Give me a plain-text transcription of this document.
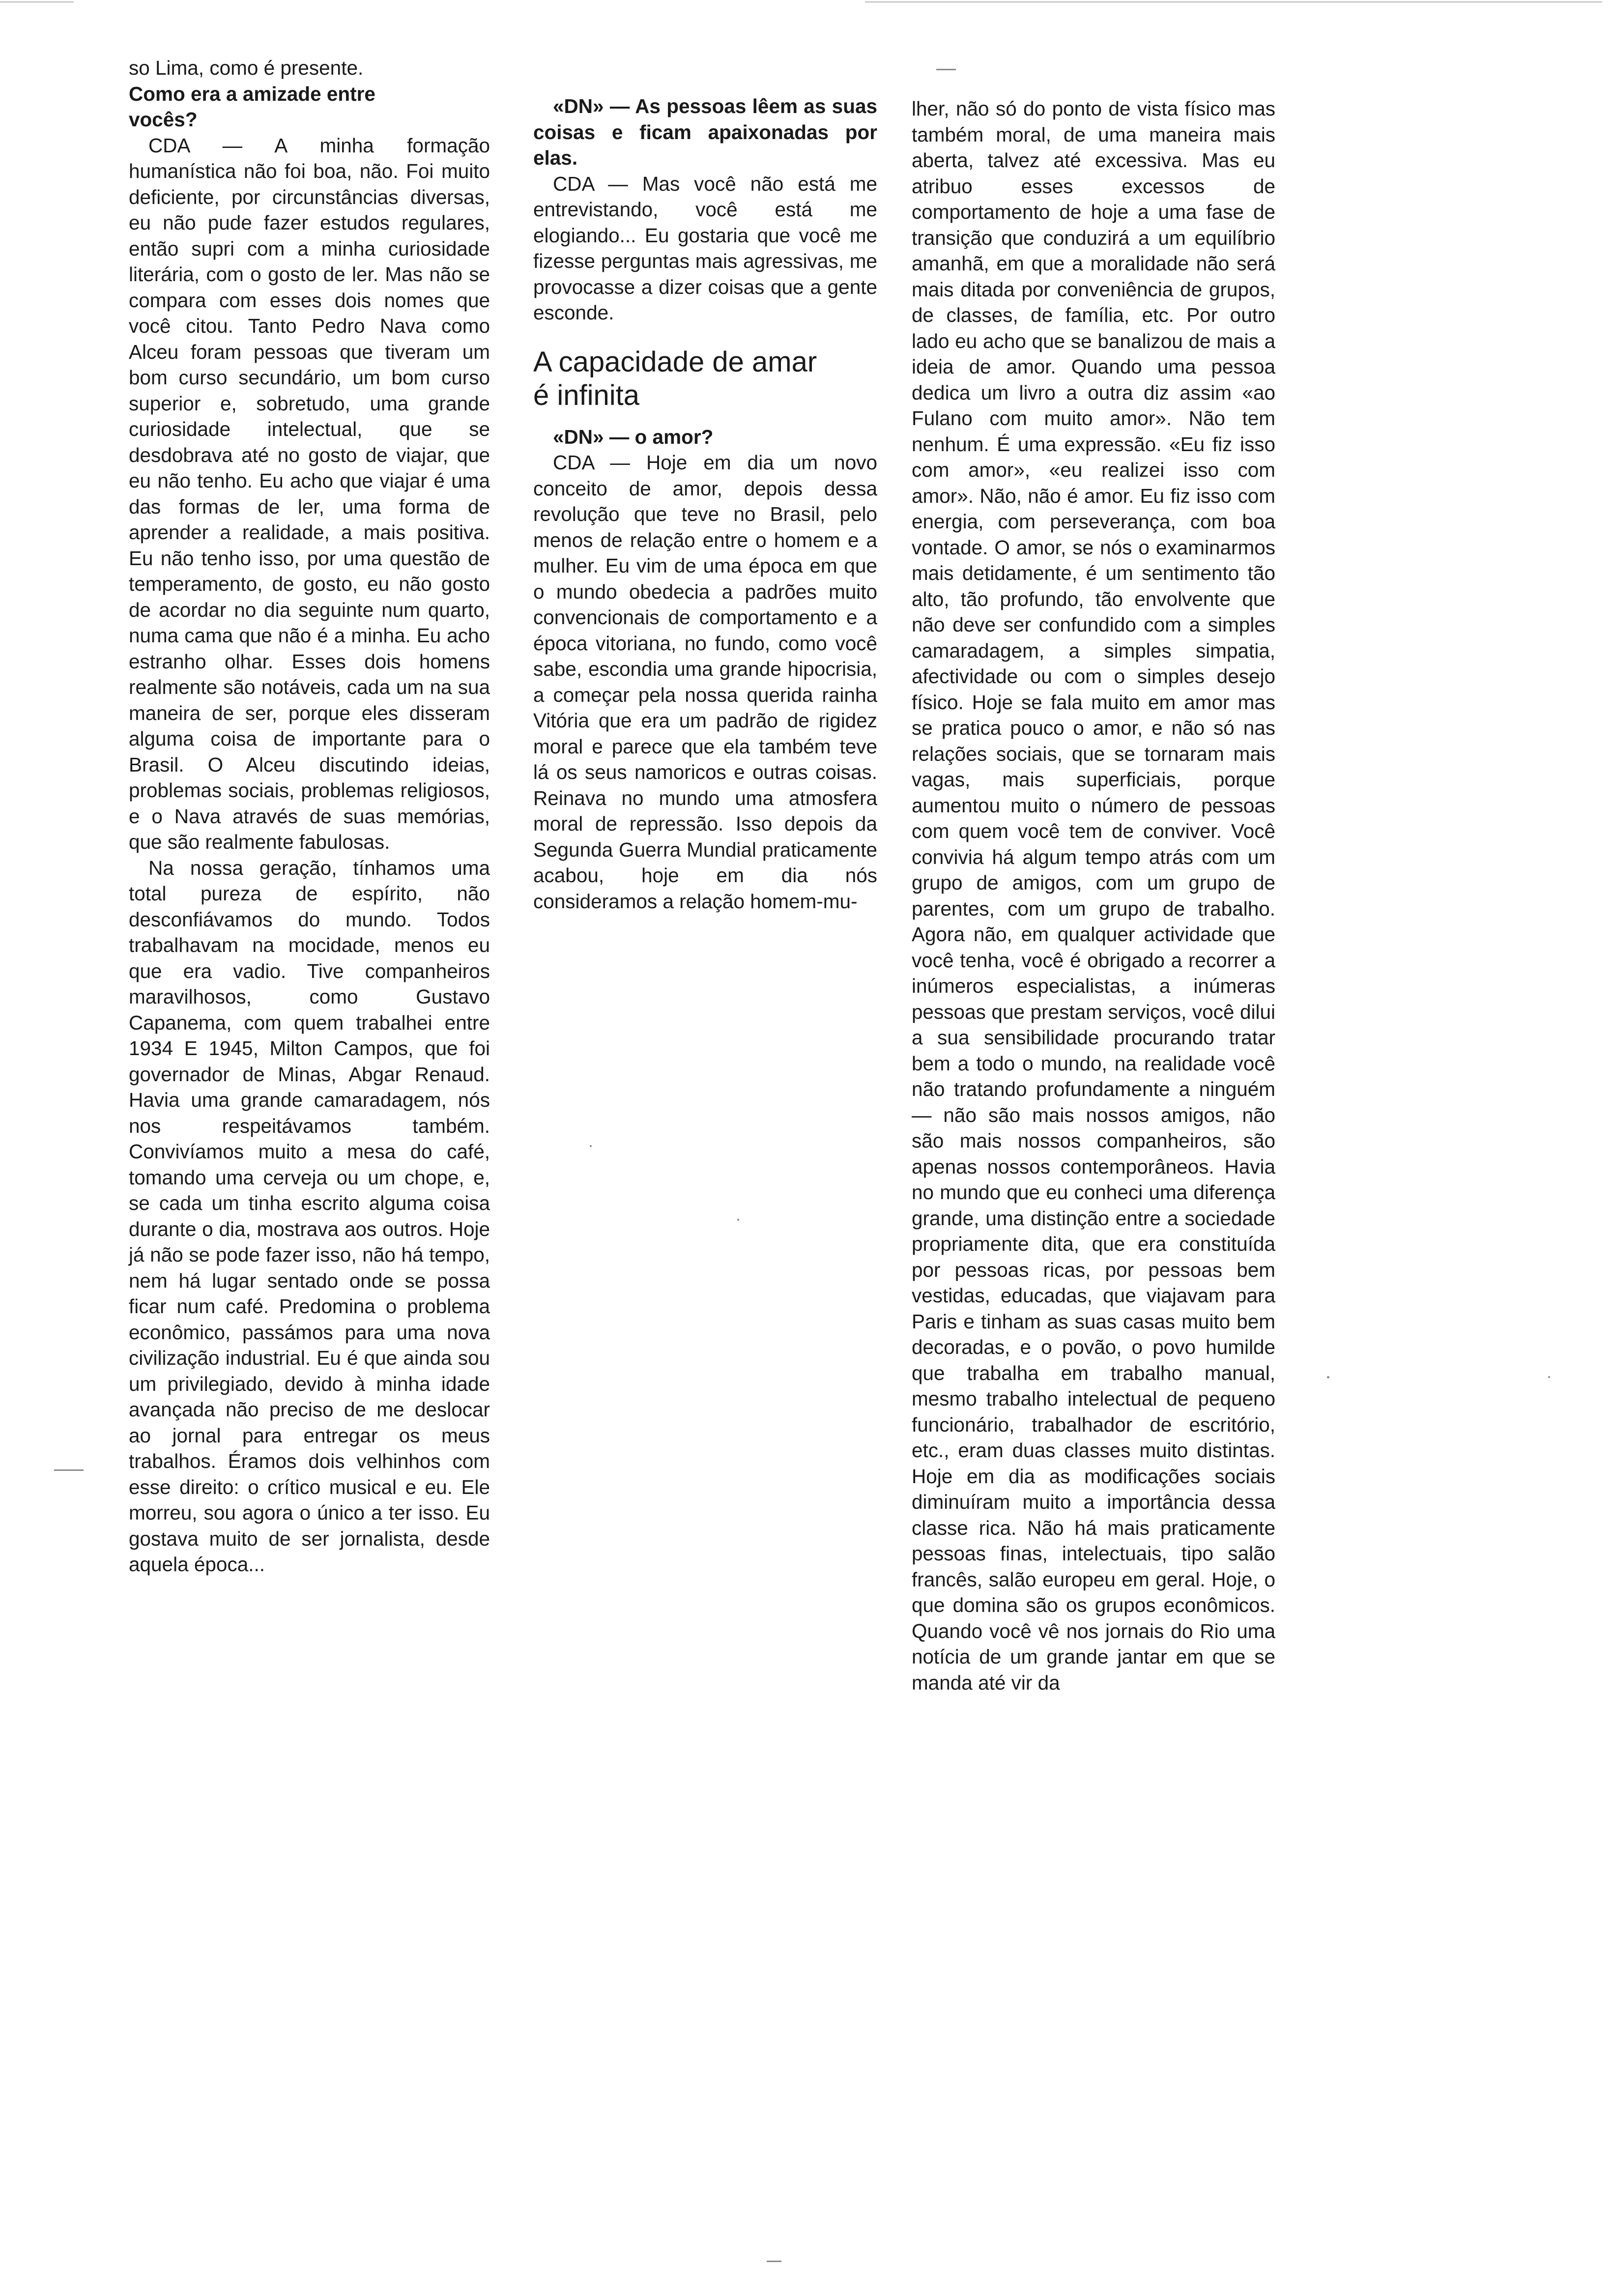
so Lima, como é presente.

Como era a amizade entre
vocês?

CDA — A minha formação humanística não foi boa, não. Foi muito deficiente, por circunstâncias diversas, eu não pude fazer estudos regulares, então supri com a minha curiosidade literária, com o gosto de ler. Mas não se compara com esses dois nomes que você citou. Tanto Pedro Nava como Alceu foram pessoas que tiveram um bom curso secundário, um bom curso superior e, sobretudo, uma grande curiosidade intelectual, que se desdobrava até no gosto de viajar, que eu não tenho. Eu acho que viajar é uma das formas de ler, uma forma de aprender a realidade, a mais positiva. Eu não tenho isso, por uma questão de temperamento, de gosto, eu não gosto de acordar no dia seguinte num quarto, numa cama que não é a minha. Eu acho estranho olhar. Esses dois homens realmente são notáveis, cada um na sua maneira de ser, porque eles disseram alguma coisa de importante para o Brasil. O Alceu discutindo ideias, problemas sociais, problemas religiosos, e o Nava através de suas memórias, que são realmente fabulosas.

Na nossa geração, tínhamos uma total pureza de espírito, não desconfiávamos do mundo. Todos trabalhavam na mocidade, menos eu que era vadio. Tive companheiros maravilhosos, como Gustavo Capanema, com quem trabalhei entre 1934 E 1945, Milton Campos, que foi governador de Minas, Abgar Renaud. Havia uma grande camaradagem, nós nos respeitávamos também. Convivíamos muito a mesa do café, tomando uma cerveja ou um chope, e, se cada um tinha escrito alguma coisa durante o dia, mostrava aos outros. Hoje já não se pode fazer isso, não há tempo, nem há lugar sentado onde se possa ficar num café. Predomina o problema econômico, passámos para uma nova civilização industrial. Eu é que ainda sou um privilegiado, devido à minha idade avançada não preciso de me deslocar ao jornal para entregar os meus trabalhos. Éramos dois velhinhos com esse direito: o crítico musical e eu. Ele morreu, sou agora o único a ter isso. Eu gostava muito de ser jornalista, desde aquela época...

«DN» — As pessoas lêem as suas coisas e ficam apaixonadas por elas.

CDA — Mas você não está me entrevistando, você está me elogiando... Eu gostaria que você me fizesse perguntas mais agressivas, me provocasse a dizer coisas que a gente esconde.

A capacidade de amar
é infinita

«DN» — o amor?

CDA — Hoje em dia um novo conceito de amor, depois dessa revolução que teve no Brasil, pelo menos de relação entre o homem e a mulher. Eu vim de uma época em que o mundo obedecia a padrões muito convencionais de comportamento e a época vitoriana, no fundo, como você sabe, escondia uma grande hipocrisia, a começar pela nossa querida rainha Vitória que era um padrão de rigidez moral e parece que ela também teve lá os seus namoricos e outras coisas. Reinava no mundo uma atmosfera moral de repressão. Isso depois da Segunda Guerra Mundial praticamente acabou, hoje em dia nós consideramos a relação homem-mu-

lher, não só do ponto de vista físico mas também moral, de uma maneira mais aberta, talvez até excessiva. Mas eu atribuo esses excessos de comportamento de hoje a uma fase de transição que conduzirá a um equilíbrio amanhã, em que a moralidade não será mais ditada por conveniência de grupos, de classes, de família, etc. Por outro lado eu acho que se banalizou de mais a ideia de amor. Quando uma pessoa dedica um livro a outra diz assim «ao Fulano com muito amor». Não tem nenhum. É uma expressão. «Eu fiz isso com amor», «eu realizei isso com amor». Não, não é amor. Eu fiz isso com energia, com perseverança, com boa vontade. O amor, se nós o examinarmos mais detidamente, é um sentimento tão alto, tão profundo, tão envolvente que não deve ser confundido com a simples camaradagem, a simples simpatia, afectividade ou com o simples desejo físico. Hoje se fala muito em amor mas se pratica pouco o amor, e não só nas relações sociais, que se tornaram mais vagas, mais superficiais, porque aumentou muito o número de pessoas com quem você tem de conviver. Você convivia há algum tempo atrás com um grupo de amigos, com um grupo de parentes, com um grupo de trabalho. Agora não, em qualquer actividade que você tenha, você é obrigado a recorrer a inúmeros especialistas, a inúmeras pessoas que prestam serviços, você dilui a sua sensibilidade procurando tratar bem a todo o mundo, na realidade você não tratando profundamente a ninguém — não são mais nossos amigos, não são mais nossos companheiros, são apenas nossos contemporâneos. Havia no mundo que eu conheci uma diferença grande, uma distinção entre a sociedade propriamente dita, que era constituída por pessoas ricas, por pessoas bem vestidas, educadas, que viajavam para Paris e tinham as suas casas muito bem decoradas, e o povão, o povo humilde que trabalha em trabalho manual, mesmo trabalho intelectual de pequeno funcionário, trabalhador de escritório, etc., eram duas classes muito distintas. Hoje em dia as modificações sociais diminuíram muito a importância dessa classe rica. Não há mais praticamente pessoas finas, intelectuais, tipo salão francês, salão europeu em geral. Hoje, o que domina são os grupos econômicos. Quando você vê nos jornais do Rio uma notícia de um grande jantar em que se manda até vir da
